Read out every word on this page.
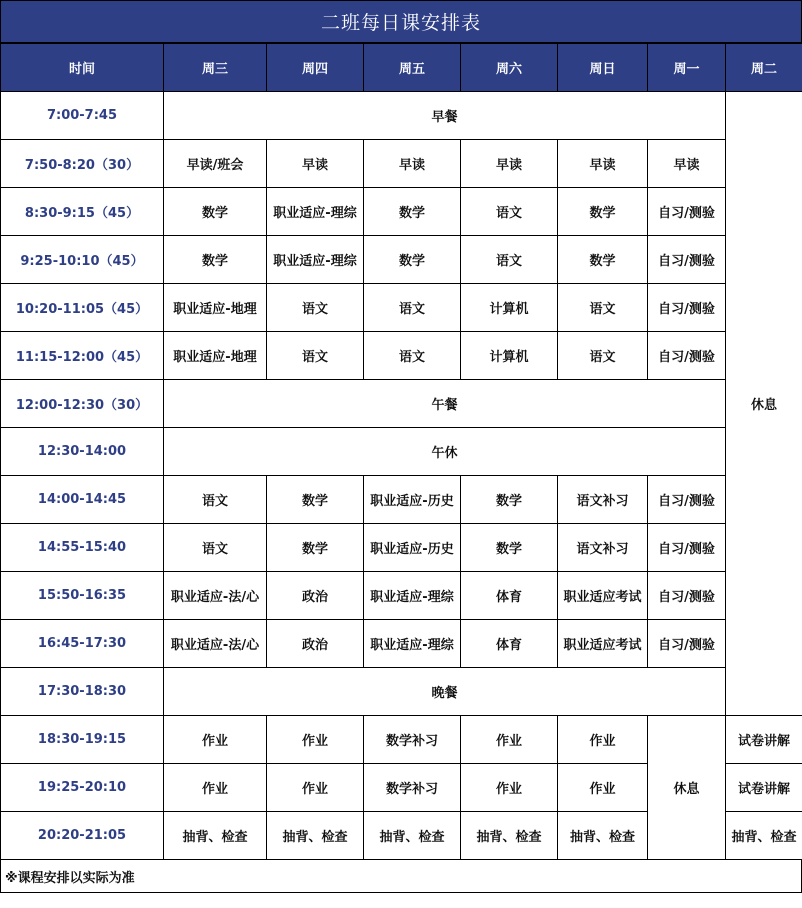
二班每日课安排表
时间	周三	周四	周五	周六	周日	周一	周二
7:00-7:45	早餐						休息
7:50-8:20（30）	早读/班会	早读	早读	早读	早读	早读	
8:30-9:15（45）	数学	职业适应-理综	数学	语文	数学	自习/测验	
9:25-10:10（45）	数学	职业适应-理综	数学	语文	数学	自习/测验	
10:20-11:05（45）	职业适应-地理	语文	语文	计算机	语文	自习/测验	
11:15-12:00（45）	职业适应-地理	语文	语文	计算机	语文	自习/测验	
12:00-12:30（30）	午餐						
12:30-14:00	午休						
14:00-14:45	语文	数学	职业适应-历史	数学	语文补习	自习/测验	
14:55-15:40	语文	数学	职业适应-历史	数学	语文补习	自习/测验	
15:50-16:35	职业适应-法/心	政治	职业适应-理综	体育	职业适应考试	自习/测验	
16:45-17:30	职业适应-法/心	政治	职业适应-理综	体育	职业适应考试	自习/测验	
17:30-18:30	晚餐						
18:30-19:15	作业	作业	数学补习	作业	作业	休息	试卷讲解
19:25-20:10	作业	作业	数学补习	作业	作业		试卷讲解
20:20-21:05	抽背、检查	抽背、检查	抽背、检查	抽背、检查	抽背、检查		抽背、检查
※课程安排以实际为准
